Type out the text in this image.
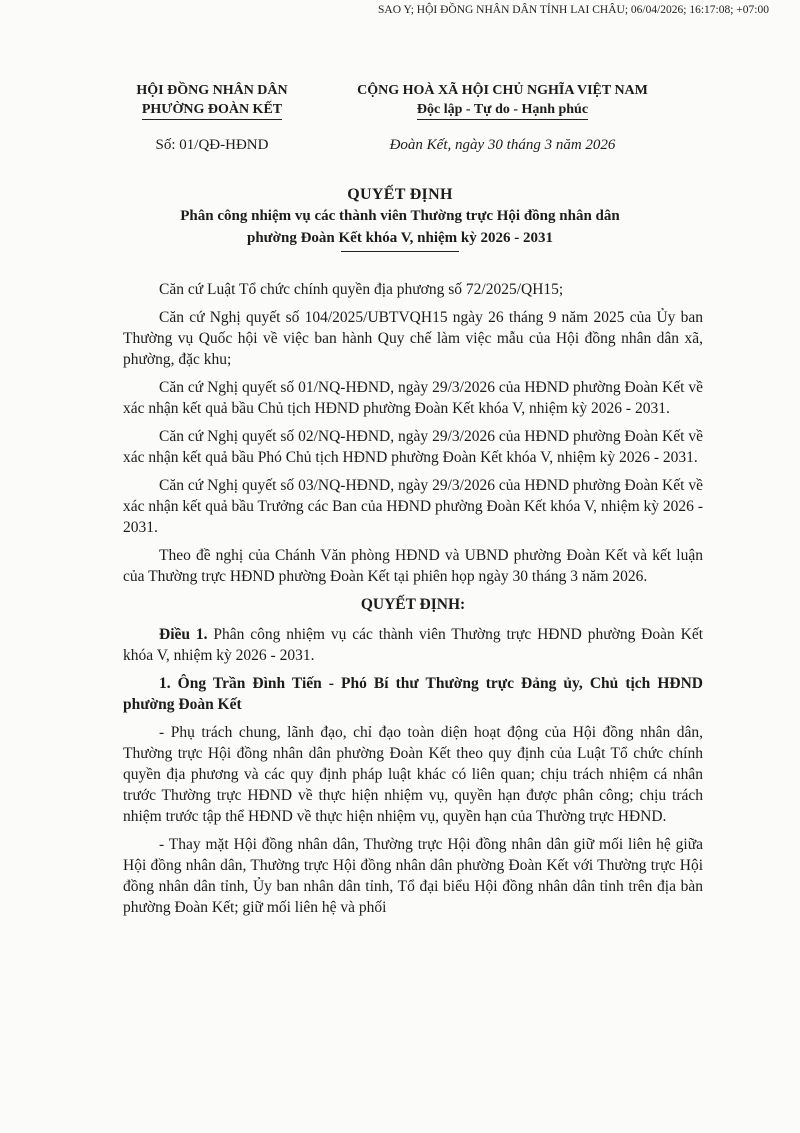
SAO Y; HỘI ĐỒNG NHÂN DÂN TỈNH LAI CHÂU; 06/04/2026; 16:17:08; +07:00
HỘI ĐỒNG NHÂN DÂN
PHƯỜNG ĐOÀN KẾT
CỘNG HOÀ XÃ HỘI CHỦ NGHĨA VIỆT NAM
Độc lập - Tự do - Hạnh phúc
Số: 01/QĐ-HĐND	Đoàn Kết, ngày 30 tháng 3 năm 2026
QUYẾT ĐỊNH
Phân công nhiệm vụ các thành viên Thường trực Hội đồng nhân dân
phường Đoàn Kết khóa V, nhiệm kỳ 2026 - 2031

Căn cứ Luật Tổ chức chính quyền địa phương số 72/2025/QH15;

Căn cứ Nghị quyết số 104/2025/UBTVQH15 ngày 26 tháng 9 năm 2025 của Ủy ban Thường vụ Quốc hội về việc ban hành Quy chế làm việc mẫu của Hội đồng nhân dân xã, phường, đặc khu;

Căn cứ Nghị quyết số 01/NQ-HĐND, ngày 29/3/2026 của HĐND phường Đoàn Kết về xác nhận kết quả bầu Chủ tịch HĐND phường Đoàn Kết khóa V, nhiệm kỳ 2026 - 2031.

Căn cứ Nghị quyết số 02/NQ-HĐND, ngày 29/3/2026 của HĐND phường Đoàn Kết về xác nhận kết quả bầu Phó Chủ tịch HĐND phường Đoàn Kết khóa V, nhiệm kỳ 2026 - 2031.

Căn cứ Nghị quyết số 03/NQ-HĐND, ngày 29/3/2026 của HĐND phường Đoàn Kết về xác nhận kết quả bầu Trưởng các Ban của HĐND phường Đoàn Kết khóa V, nhiệm kỳ 2026 - 2031.

Theo đề nghị của Chánh Văn phòng HĐND và UBND phường Đoàn Kết và kết luận của Thường trực HĐND phường Đoàn Kết tại phiên họp ngày 30 tháng 3 năm 2026.

QUYẾT ĐỊNH:

Điều 1. Phân công nhiệm vụ các thành viên Thường trực HĐND phường Đoàn Kết khóa V, nhiệm kỳ 2026 - 2031.

1. Ông Trần Đình Tiến - Phó Bí thư Thường trực Đảng ủy, Chủ tịch HĐND phường Đoàn Kết

- Phụ trách chung, lãnh đạo, chỉ đạo toàn diện hoạt động của Hội đồng nhân dân, Thường trực Hội đồng nhân dân phường Đoàn Kết theo quy định của Luật Tổ chức chính quyền địa phương và các quy định pháp luật khác có liên quan; chịu trách nhiệm cá nhân trước Thường trực HĐND về thực hiện nhiệm vụ, quyền hạn được phân công; chịu trách nhiệm trước tập thể HĐND về thực hiện nhiệm vụ, quyền hạn của Thường trực HĐND.

- Thay mặt Hội đồng nhân dân, Thường trực Hội đồng nhân dân giữ mối liên hệ giữa Hội đồng nhân dân, Thường trực Hội đồng nhân dân phường Đoàn Kết với Thường trực Hội đồng nhân dân tỉnh, Ủy ban nhân dân tỉnh, Tổ đại biểu Hội đồng nhân dân tỉnh trên địa bàn phường Đoàn Kết; giữ mối liên hệ và phối
